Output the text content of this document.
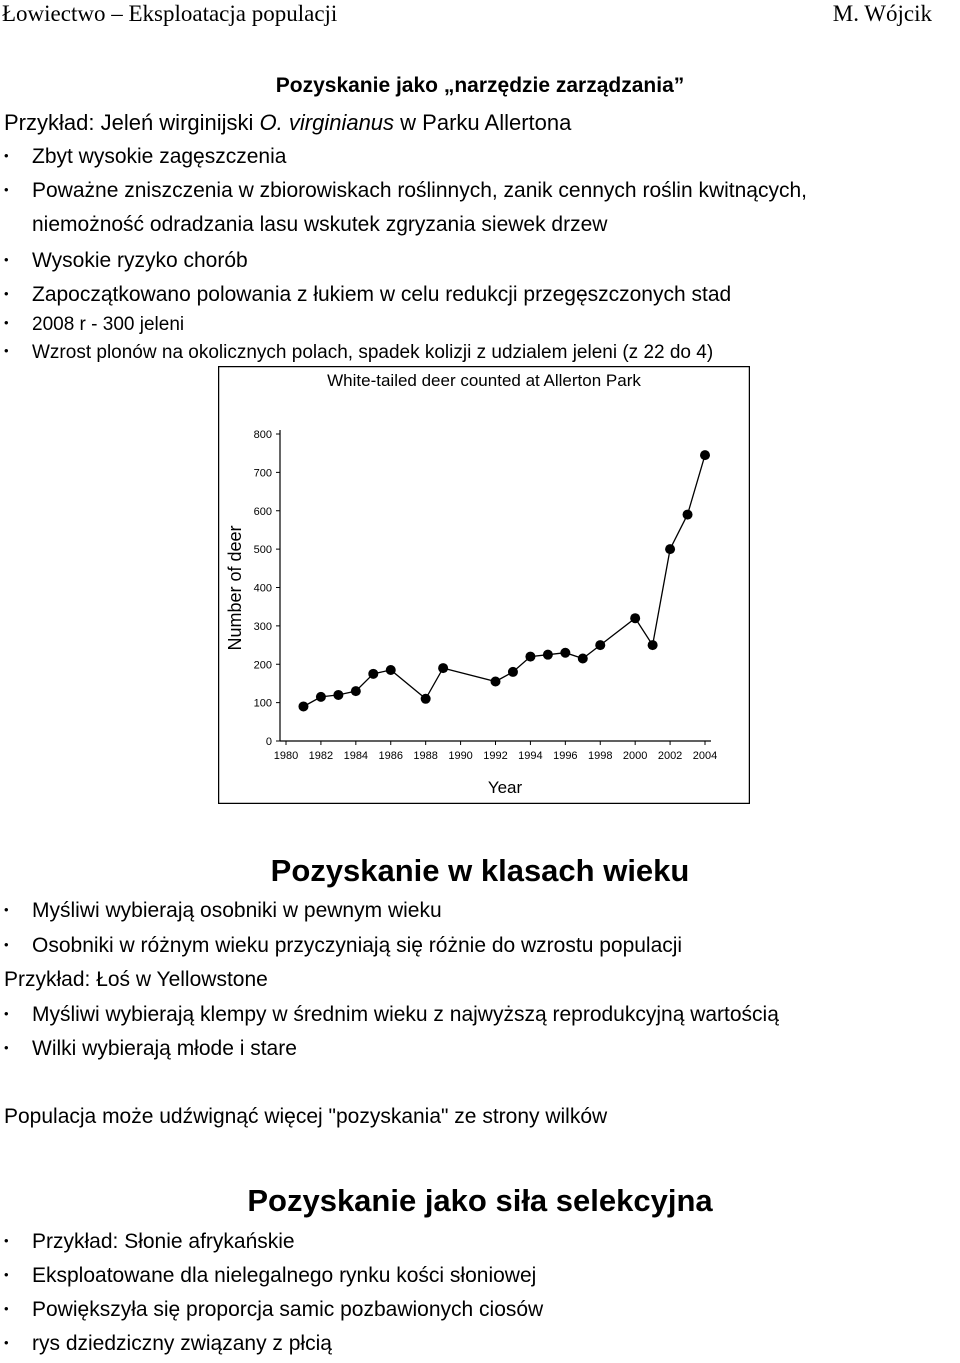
Łowiectwo – Eksploatacja populacji	M. Wójcik
Pozyskanie jako „narzędzie zarządzania”
Przykład: Jeleń wirginijski O. virginianus w Parku Allertona
•
Zbyt wysokie zagęszczenia
•
Poważne zniszczenia w zbiorowiskach roślinnych, zanik cennych roślin kwitnących,
niemożność odradzania lasu wskutek zgryzania siewek drzew
•
Wysokie ryzyko chorób
•
Zapoczątkowano polowania z łukiem w celu redukcji przegęszczonych stad
•
2008 r - 300 jeleni
•
Wzrost plonów na okolicznych polach, spadek kolizji z udzialem jeleni (z 22 do 4)
White-tailed deer counted at Allerton Park
Year
Number of deer
0
100
200
300
400
500
600
700
800
1980 1982 1984 1986 1988 1990 1992 1994 1996 1998 2000 2002 2004
Pozyskanie w klasach wieku
•
Myśliwi wybierają osobniki w pewnym wieku
•
Osobniki w różnym wieku przyczyniają się różnie do wzrostu populacji
Przykład: Łoś w Yellowstone
•
Myśliwi wybierają klempy w średnim wieku z najwyższą reprodukcyjną wartością
•
Wilki wybierają młode i stare
Populacja może udźwignąć więcej "pozyskania" ze strony wilków
Pozyskanie jako siła selekcyjna
•
Przykład: Słonie afrykańskie
•
Eksploatowane dla nielegalnego rynku kości słoniowej
•
Powiększyła się proporcja samic pozbawionych ciosów
•
rys dziedziczny związany z płcią
